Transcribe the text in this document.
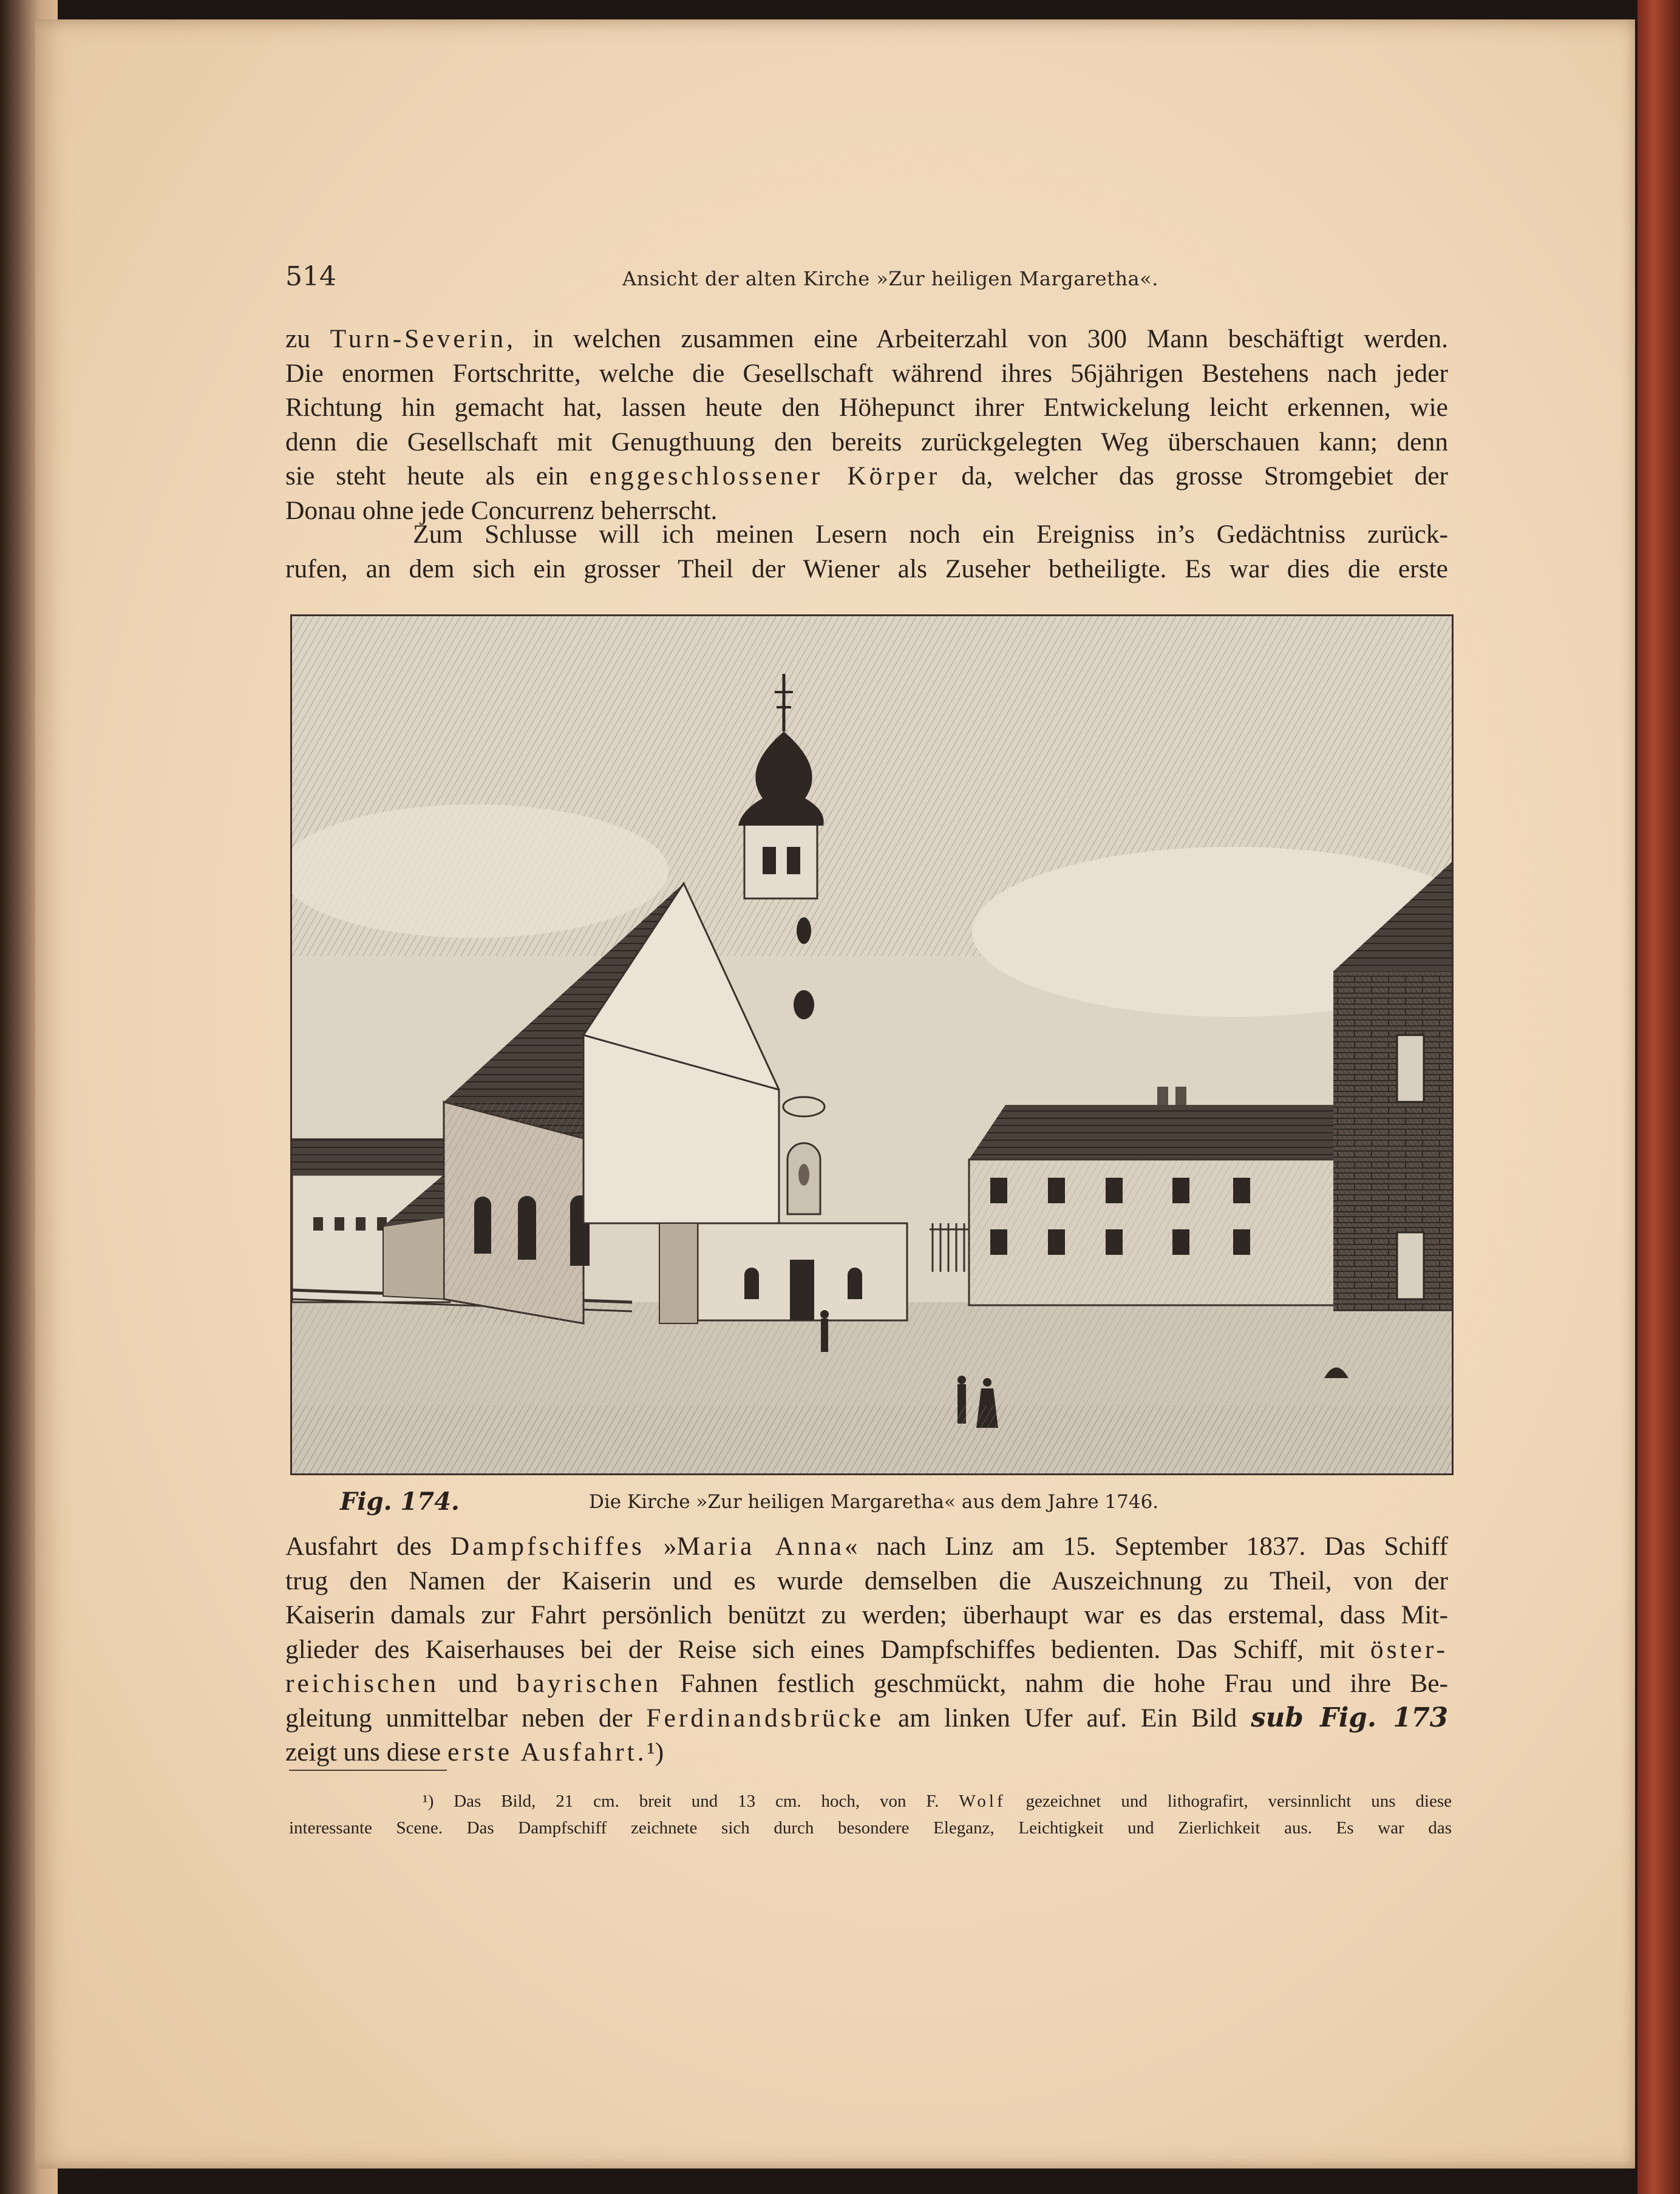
514	Ansicht der alten Kirche »Zur heiligen Margaretha«.
zu Turn-Severin, in welchen zusammen eine Arbeiterzahl von 300 Mann beschäftigt werden.
Die enormen Fortschritte, welche die Gesellschaft während ihres 56jährigen Bestehens nach jeder
Richtung hin gemacht hat, lassen heute den Höhepunct ihrer Entwickelung leicht erkennen, wie
denn die Gesellschaft mit Genugthuung den bereits zurückgelegten Weg überschauen kann; denn
sie steht heute als ein enggeschlossener Körper da, welcher das grosse Stromgebiet der
Donau ohne jede Concurrenz beherrscht.
Zum Schlusse will ich meinen Lesern noch ein Ereigniss in’s Gedächtniss zurück-
rufen, an dem sich ein grosser Theil der Wiener als Zuseher betheiligte. Es war dies die erste
Fig. 174.	Die Kirche »Zur heiligen Margaretha« aus dem Jahre 1746.
Ausfahrt des Dampfschiffes »Maria Anna« nach Linz am 15. September 1837. Das Schiff
trug den Namen der Kaiserin und es wurde demselben die Auszeichnung zu Theil, von der
Kaiserin damals zur Fahrt persönlich benützt zu werden; überhaupt war es das erstemal, dass Mit-
glieder des Kaiserhauses bei der Reise sich eines Dampfschiffes bedienten. Das Schiff, mit öster-
reichischen und bayrischen Fahnen festlich geschmückt, nahm die hohe Frau und ihre Be-
gleitung unmittelbar neben der Ferdinandsbrücke am linken Ufer auf. Ein Bild sub Fig. 173
zeigt uns diese erste Ausfahrt.¹)
¹) Das Bild, 21 cm. breit und 13 cm. hoch, von F. Wolf gezeichnet und lithografirt, versinnlicht uns diese
interessante Scene. Das Dampfschiff zeichnete sich durch besondere Eleganz, Leichtigkeit und Zierlichkeit aus. Es war das
